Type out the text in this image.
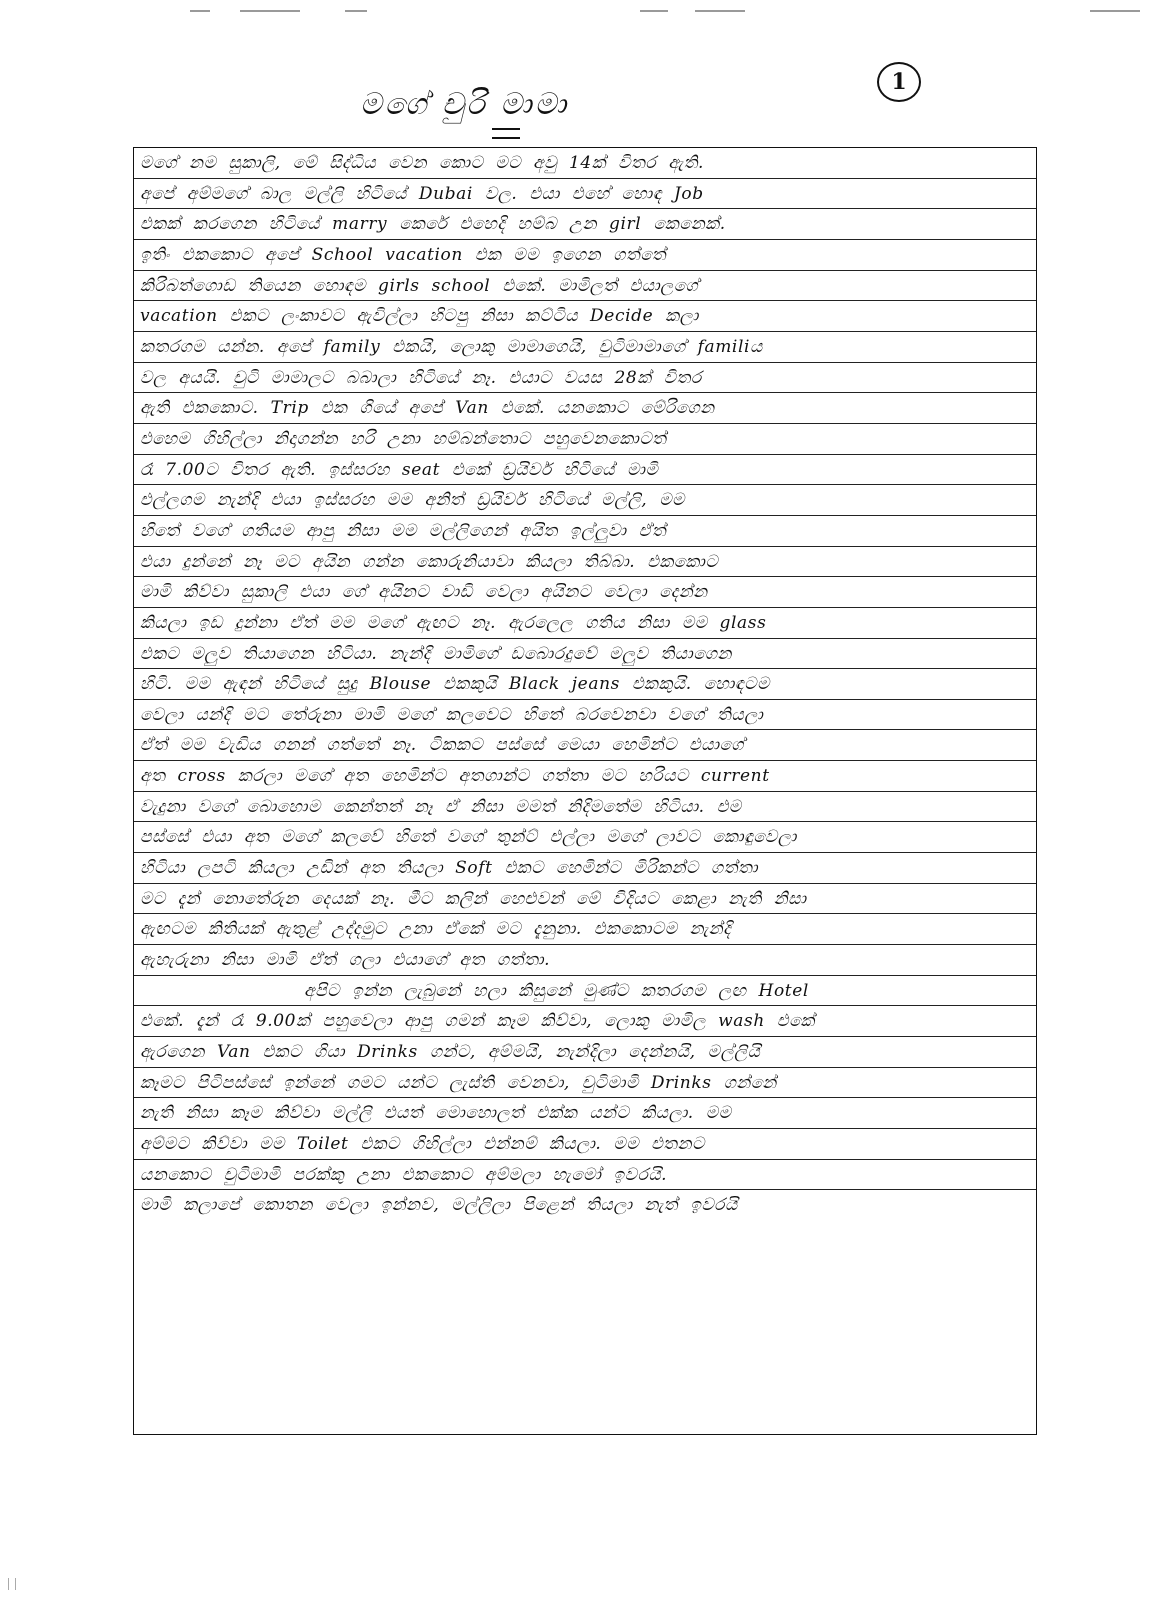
1
මගේ චුරි මාමා
මගේ නම සුකාලි, මේ සිද්ධිය වෙන කොට මට අවු 14ක් විතර ඇති.
අපේ අම්මගේ බාල මල්ලි හිටියේ Dubai වල. එයා එහේ හොඳ Job
එකක් කරගෙන හිටියේ marry කෙරේ එහෙදි හම්බ උන girl කෙනෙක්.
ඉතිං එකකොට අපේ School vacation එක මම ඉගෙන ගත්තේ
කිරිබත්ගොඩ තියෙන හොඳම girls school එකේ. මාමිලත් එයාලගේ
vacation එකට ලංකාවට ඇවිල්ලා හිටපු නිසා කට්ටිය Decide කලා
කතරගම යන්න. අපේ family එකයි, ලොකු මාමාගෙයි, චුටිමාමාගේ familiය
වල අයයි. චුටි මාමාලට බබාලා හිටියේ නෑ. එයාට වයස 28ක් විතර
ඇති එකකොට. Trip එක ගියේ අපේ Van එකේ. යනකොට මේරිගෙන
එහෙම ගිහිල්ලා නිදාගන්න හරි උනා හම්බන්තොට පහුවෙනකොටත්
රෑ 7.00ට විතර ඇති. ඉස්සරහ seat එකේ ඩ්‍රයිවර් හිටියේ මාමි
එල්ලගම නැන්දි එයා ඉස්සරහ මම අනිත් ඩ්‍රයිවර් හිටියේ මල්ලි, මම
හිතේ වගේ ගතියම ආපු නිසා මම මල්ලිගෙන් අයිත ඉල්ලුවා ඒත්
එයා දුන්නේ නෑ මට අයින ගන්න කොරුනියාවා කියලා තිබ්බා. එකකොට
මාමි කිව්වා සුකාලි එයා ගේ අයිනට වාඩි වෙලා අයිනට වෙලා දෙන්න
කියලා ඉඩ දුන්නා ඒත් මම මගේ ඇඟට නෑ. ඇරලෙල ගතිය නිසා මම glass
එකට මලුව තියාගෙන හිටියා. නැන්දි මාමිගේ ඩබොරදුවේ මලුව තියාගෙන
හිටි. මම ඇඳන් හිටියේ සුදු Blouse එකකුයි Black jeans එකකුයි. හොඳටම
වෙලා යන්දි මට තේරුනා මාමි මගේ කලවෙට හිතේ බරවෙනවා වගේ තියලා
ඒත් මම වැඩිය ගනන් ගත්තේ නෑ. ටිකකට පස්සේ මෙයා හෙමින්ට එයාගේ
අත cross කරලා මගේ අත හෙමින්ට අතගාන්ට ගත්තා මට හරියට current
වැදුනා වගේ බොහොම කෙන්තත් නෑ ඒ නිසා මමත් නිදිමතේම හිටියා. එම
පස්සේ එයා අත මගේ කලවේ හිතේ වගේ තුන්ට් එල්ලා මගේ ලාවට කොඳුවෙලා
හිටියා ලපටි කියලා උඩින් අත තියලා Soft එකට හෙමින්ට මිරිකන්ට ගත්තා
මට දැන් නොතේරුන දෙයක් නෑ. මීට කලින් හෙළුවන් මේ විදියට කෙළා නැති නිසා
ඇඟටම කිතියක් ඇතුළ් උද්දමුට උනා ඒකේ මට දැනුනා. එකකොටම නැන්දි
ඇහැරුනා නිසා මාමි ඒත් ගලා එයාගේ අත ගත්තා.
අපිට ඉන්න ලැබුනේ හලා කිසුනේ මුණ්ට කතරගම ලඟ Hotel
එකේ. දැන් රෑ 9.00ක් පහුවෙලා ආපු ගමන් කෑම කිව්වා, ලොකු මාමිල wash එකේ
ඇරගෙන Van එකට ගියා Drinks ගන්ට, අම්මයි, නැන්දිලා දෙන්නයි, මල්ලියි
කෑමට පිටිපස්සේ ඉන්නේ ගමට යන්ට ලැස්ති වෙනවා, චුටිමාමි Drinks ගන්නේ
නැති නිසා කෑම කිව්වා මල්ලි එයත් මොහොලත් එක්ක යන්ට කියලා. මම
අම්මට කිව්වා මම Toilet එකට ගිහිල්ලා එන්නම් කියලා. මම එතනට
යනකොට චුටිමාමි පරක්කු උනා එකකොට අම්මලා හැමෝ ඉවරයි.
මාමි කලාපේ කොතන වෙලා ඉන්නව, මල්ලිලා පිළෙන් තියලා නැත් ඉවරයි
